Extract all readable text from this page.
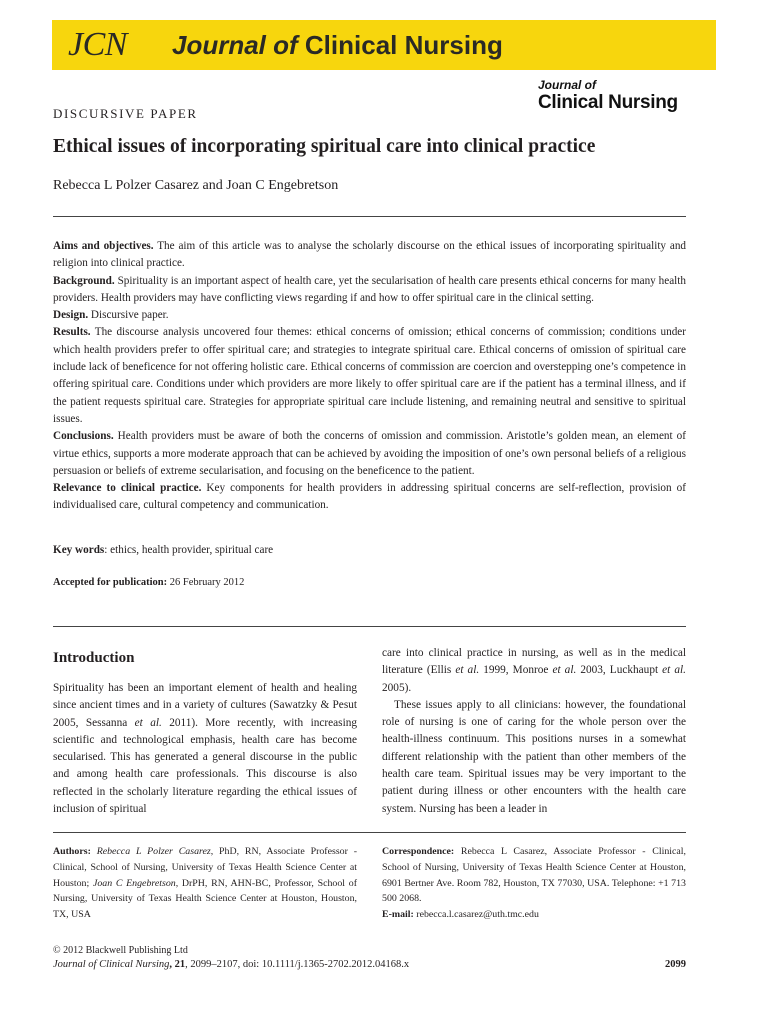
JCN Journal of Clinical Nursing
Journal of
Clinical Nursing
DISCURSIVE PAPER
Ethical issues of incorporating spiritual care into clinical practice
Rebecca L Polzer Casarez and Joan C Engebretson

Aims and objectives. The aim of this article was to analyse the scholarly discourse on the ethical issues of incorporating spirituality and religion into clinical practice.

Background. Spirituality is an important aspect of health care, yet the secularisation of health care presents ethical concerns for many health providers. Health providers may have conflicting views regarding if and how to offer spiritual care in the clinical setting.

Design. Discursive paper.

Results. The discourse analysis uncovered four themes: ethical concerns of omission; ethical concerns of commission; conditions under which health providers prefer to offer spiritual care; and strategies to integrate spiritual care. Ethical concerns of omission of spiritual care include lack of beneficence for not offering holistic care. Ethical concerns of commission are coercion and overstepping one’s competence in offering spiritual care. Conditions under which providers are more likely to offer spiritual care are if the patient has a terminal illness, and if the patient requests spiritual care. Strategies for appropriate spiritual care include listening, and remaining neutral and sensitive to spiritual issues.

Conclusions. Health providers must be aware of both the concerns of omission and commission. Aristotle’s golden mean, an element of virtue ethics, supports a more moderate approach that can be achieved by avoiding the imposition of one’s own personal beliefs of a religious persuasion or beliefs of extreme secularisation, and focusing on the beneficence to the patient.

Relevance to clinical practice. Key components for health providers in addressing spiritual concerns are self-reflection, provision of individualised care, cultural competency and communication.

Key words: ethics, health provider, spiritual care
Accepted for publication: 26 February 2012
Introduction

Spirituality has been an important element of health and healing since ancient times and in a variety of cultures (Sawatzky & Pesut 2005, Sessanna et al. 2011). More recently, with increasing scientific and technological emphasis, health care has become secularised. This has generated a general discourse in the public and among health care professionals. This discourse is also reflected in the scholarly literature regarding the ethical issues of inclusion of spiritual

care into clinical practice in nursing, as well as in the medical literature (Ellis et al. 1999, Monroe et al. 2003, Luckhaupt et al. 2005).

These issues apply to all clinicians: however, the foundational role of nursing is one of caring for the whole person over the health-illness continuum. This positions nurses in a somewhat different relationship with the patient than other members of the health care team. Spiritual issues may be very important to the patient during illness or other encounters with the health care system. Nursing has been a leader in

Authors: Rebecca L Polzer Casarez, PhD, RN, Associate Professor - Clinical, School of Nursing, University of Texas Health Science Center at Houston; Joan C Engebretson, DrPH, RN, AHN-BC, Professor, School of Nursing, University of Texas Health Science Center at Houston, Houston, TX, USA
Correspondence: Rebecca L Casarez, Associate Professor - Clinical, School of Nursing, University of Texas Health Science Center at Houston, 6901 Bertner Ave. Room 782, Houston, TX 77030, USA. Telephone: +1 713 500 2068.
E-mail: rebecca.l.casarez@uth.tmc.edu
© 2012 Blackwell Publishing Ltd
Journal of Clinical Nursing, 21, 2099–2107, doi: 10.1111/j.1365-2702.2012.04168.x	2099
